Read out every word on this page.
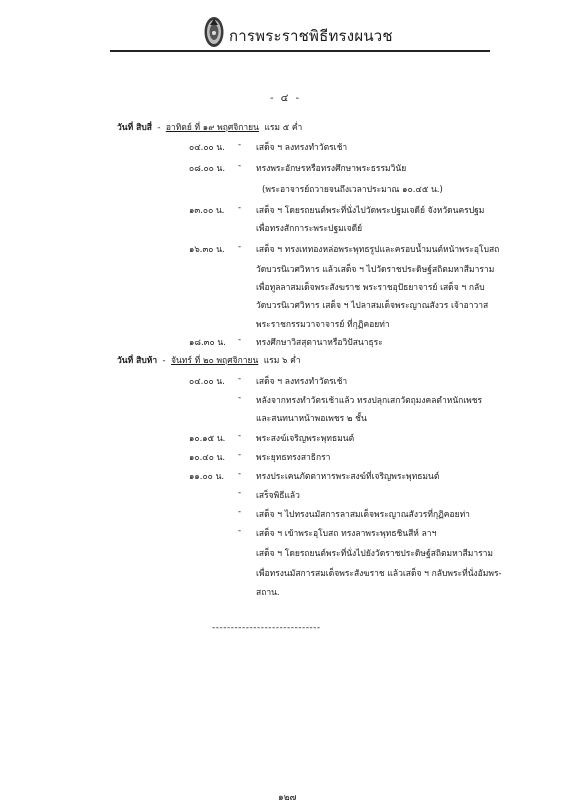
การพระราชพิธีทรงผนวช
- ๔ -
วันที่ สิบสี่ - อาทิตย์ ที่ ๑๙ พฤศจิกายน แรม ๕ ค่ำ
๐๔.๐๐ น. - เสด็จ ฯ ลงทรงทำวัตรเช้า
๐๘.๐๐ น. - ทรงพระอักษรหรือทรงศึกษาพระธรรมวินัย
(พระอาจารย์ถวายจนถึงเวลาประมาณ ๑๐.๔๕ น.)
๑๓.๐๐ น. - เสด็จ ฯ โดยรถยนต์พระที่นั่งไปวัดพระปฐมเจดีย์ จังหวัดนครปฐม
เพื่อทรงสักการะพระปฐมเจดีย์
๑๖.๓๐ น. - เสด็จ ฯ ทรงเททองหล่อพระพุทธรูปและครอบน้ำมนต์หน้าพระอุโบสถ
วัดบวรนิเวศวิหาร แล้วเสด็จ ฯ ไปวัดราชประดิษฐ์สถิตมหาสีมาราม
เพื่อทูลลาสมเด็จพระสังฆราช พระราชอุปัธยาจารย์ เสด็จ ฯ กลับ
วัดบวรนิเวศวิหาร เสด็จ ฯ ไปลาสมเด็จพระญาณสังวร เจ้าอาวาส
พระราชกรรมวาจาจารย์ ที่กุฏิคอยท่า
๑๘.๓๐ น. - ทรงศึกษาวิสสุตานาหรือวิปัสนาธุระ
วันที่ สิบห้า - จันทร์ ที่ ๒๐ พฤศจิกายน แรม ๖ ค่ำ
๐๔.๐๐ น. - เสด็จ ฯ ลงทรงทำวัตรเช้า
- หลังจากทรงทำวัตรเช้าแล้ว ทรงปลุกเสกวัตถุมงคลตำหนักเพชร
และสนทนาหน้าพอเพชร ๒ ชั้น
๑๐.๑๕ น. - พระสงฆ์เจริญพระพุทธมนต์
๑๐.๔๐ น. - พระยุทธทรงสาธิกรา
๑๑.๐๐ น. - ทรงประเคนภัตตาหารพระสงฆ์ที่เจริญพระพุทธมนต์
- เสร็จพิธีแล้ว
- เสด็จ ฯ ไปทรงนมัสการลาสมเด็จพระญาณสังวรที่กุฏิคอยท่า
- เสด็จ ฯ เข้าพระอุโบสถ ทรงลาพระพุทธชินสีห์ ลาฯ
เสด็จ ฯ โดยรถยนต์พระที่นั่งไปยังวัดราชประดิษฐ์สถิตมหาสีมาราม
เพื่อทรงนมัสการสมเด็จพระสังฆราช แล้วเสด็จ ฯ กลับพระที่นั่งอัมพร-
สถาน.
-----------------------------
๑๒๗
